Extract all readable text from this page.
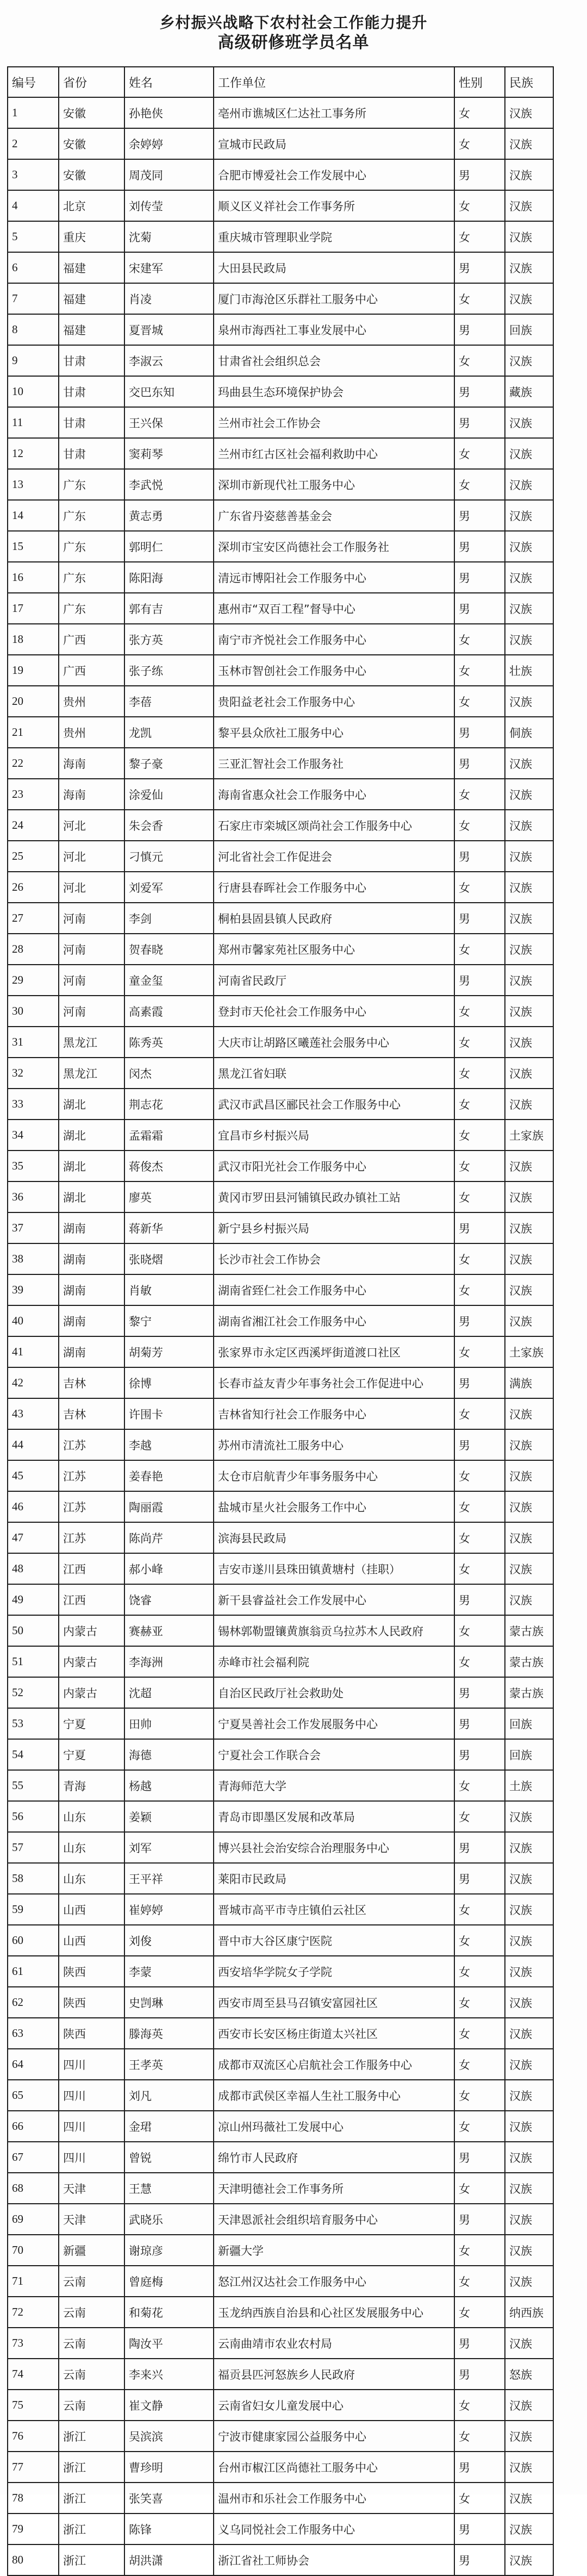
乡村振兴战略下农村社会工作能力提升
高级研修班学员名单
编号	省份	姓名	工作单位	性别	民族
1	安徽	孙艳侠	亳州市谯城区仁达社工事务所	女	汉族
2	安徽	余婷婷	宣城市民政局	女	汉族
3	安徽	周茂同	合肥市博爱社会工作发展中心	男	汉族
4	北京	刘传莹	顺义区义祥社会工作事务所	女	汉族
5	重庆	沈菊	重庆城市管理职业学院	女	汉族
6	福建	宋建军	大田县民政局	男	汉族
7	福建	肖凌	厦门市海沧区乐群社工服务中心	女	汉族
8	福建	夏晋城	泉州市海西社工事业发展中心	男	回族
9	甘肃	李淑云	甘肃省社会组织总会	女	汉族
10	甘肃	交巴东知	玛曲县生态环境保护协会	男	藏族
11	甘肃	王兴保	兰州市社会工作协会	男	汉族
12	甘肃	窦莉琴	兰州市红古区社会福利救助中心	女	汉族
13	广东	李武悦	深圳市新现代社工服务中心	女	汉族
14	广东	黄志勇	广东省丹姿慈善基金会	男	汉族
15	广东	郭明仁	深圳市宝安区尚德社会工作服务社	男	汉族
16	广东	陈阳海	清远市博阳社会工作服务中心	男	汉族
17	广东	郭有吉	惠州市“双百工程”督导中心	男	汉族
18	广西	张方英	南宁市齐悦社会工作服务中心	女	汉族
19	广西	张子练	玉林市智创社会工作服务中心	女	壮族
20	贵州	李蓓	贵阳益老社会工作服务中心	女	汉族
21	贵州	龙凯	黎平县众欣社工服务中心	男	侗族
22	海南	黎子豪	三亚汇智社会工作服务社	男	汉族
23	海南	涂爱仙	海南省惠众社会工作服务中心	女	汉族
24	河北	朱会香	石家庄市栾城区颂尚社会工作服务中心	女	汉族
25	河北	刁慎元	河北省社会工作促进会	男	汉族
26	河北	刘爱军	行唐县春晖社会工作服务中心	女	汉族
27	河南	李剑	桐柏县固县镇人民政府	男	汉族
28	河南	贺春晓	郑州市馨家苑社区服务中心	女	汉族
29	河南	童金玺	河南省民政厅	男	汉族
30	河南	高素霞	登封市天伦社会工作服务中心	女	汉族
31	黑龙江	陈秀英	大庆市让胡路区曦莲社会服务中心	女	汉族
32	黑龙江	闵杰	黑龙江省妇联	女	汉族
33	湖北	荆志花	武汉市武昌区郦民社会工作服务中心	女	汉族
34	湖北	孟霜霜	宜昌市乡村振兴局	女	土家族
35	湖北	蒋俊杰	武汉市阳光社会工作服务中心	女	汉族
36	湖北	廖英	黄冈市罗田县河铺镇民政办镇社工站	女	汉族
37	湖南	蒋新华	新宁县乡村振兴局	男	汉族
38	湖南	张晓熠	长沙市社会工作协会	女	汉族
39	湖南	肖敏	湖南省臸仁社会工作服务中心	女	汉族
40	湖南	黎宁	湖南省湘江社会工作服务中心	男	汉族
41	湖南	胡菊芳	张家界市永定区西溪坪街道渡口社区	女	土家族
42	吉林	徐博	长春市益友青少年事务社会工作促进中心	男	满族
43	吉林	许围卡	吉林省知行社会工作服务中心	女	汉族
44	江苏	李越	苏州市清流社工服务中心	男	汉族
45	江苏	姜春艳	太仓市启航青少年事务服务中心	女	汉族
46	江苏	陶丽霞	盐城市星火社会服务工作中心	女	汉族
47	江苏	陈尚芹	滨海县民政局	女	汉族
48	江西	郝小峰	吉安市遂川县珠田镇黄塘村（挂职）	女	汉族
49	江西	饶睿	新干县睿益社会工作发展中心	男	汉族
50	内蒙古	赛赫亚	锡林郭勒盟镶黄旗翁贡乌拉苏木人民政府	女	蒙古族
51	内蒙古	李海洲	赤峰市社会福利院	女	蒙古族
52	内蒙古	沈超	自治区民政厅社会救助处	男	蒙古族
53	宁夏	田帅	宁夏昊善社会工作发展服务中心	男	回族
54	宁夏	海德	宁夏社会工作联合会	男	回族
55	青海	杨越	青海师范大学	女	土族
56	山东	姜颖	青岛市即墨区发展和改革局	女	汉族
57	山东	刘军	博兴县社会治安综合治理服务中心	男	汉族
58	山东	王平祥	莱阳市民政局	男	汉族
59	山西	崔婷婷	晋城市高平市寺庄镇伯云社区	女	汉族
60	山西	刘俊	晋中市大谷区康宁医院	女	汉族
61	陕西	李蒙	西安培华学院女子学院	女	汉族
62	陕西	史剀琳	西安市周至县马召镇安富园社区	女	汉族
63	陕西	滕海英	西安市长安区杨庄街道太兴社区	女	汉族
64	四川	王孝英	成都市双流区心启航社会工作服务中心	女	汉族
65	四川	刘凡	成都市武侯区幸福人生社工服务中心	女	汉族
66	四川	金珺	凉山州玛薇社工发展中心	女	汉族
67	四川	曾锐	绵竹市人民政府	男	汉族
68	天津	王慧	天津明德社会工作事务所	女	汉族
69	天津	武晓乐	天津恩派社会组织培育服务中心	男	汉族
70	新疆	谢琼彦	新疆大学	女	汉族
71	云南	曾庭梅	怒江州汉达社会工作服务中心	女	汉族
72	云南	和菊花	玉龙纳西族自治县和心社区发展服务中心	女	纳西族
73	云南	陶汝平	云南曲靖市农业农村局	男	汉族
74	云南	李来兴	福贡县匹河怒族乡人民政府	男	怒族
75	云南	崔文静	云南省妇女儿童发展中心	女	汉族
76	浙江	吴滨滨	宁波市健康家园公益服务中心	女	汉族
77	浙江	曹珍明	台州市椒江区尚德社工服务中心	男	汉族
78	浙江	张笑喜	温州市和乐社会工作服务中心	女	汉族
79	浙江	陈锋	义乌同悦社会工作服务中心	男	汉族
80	浙江	胡洪潇	浙江省社工师协会	男	汉族
